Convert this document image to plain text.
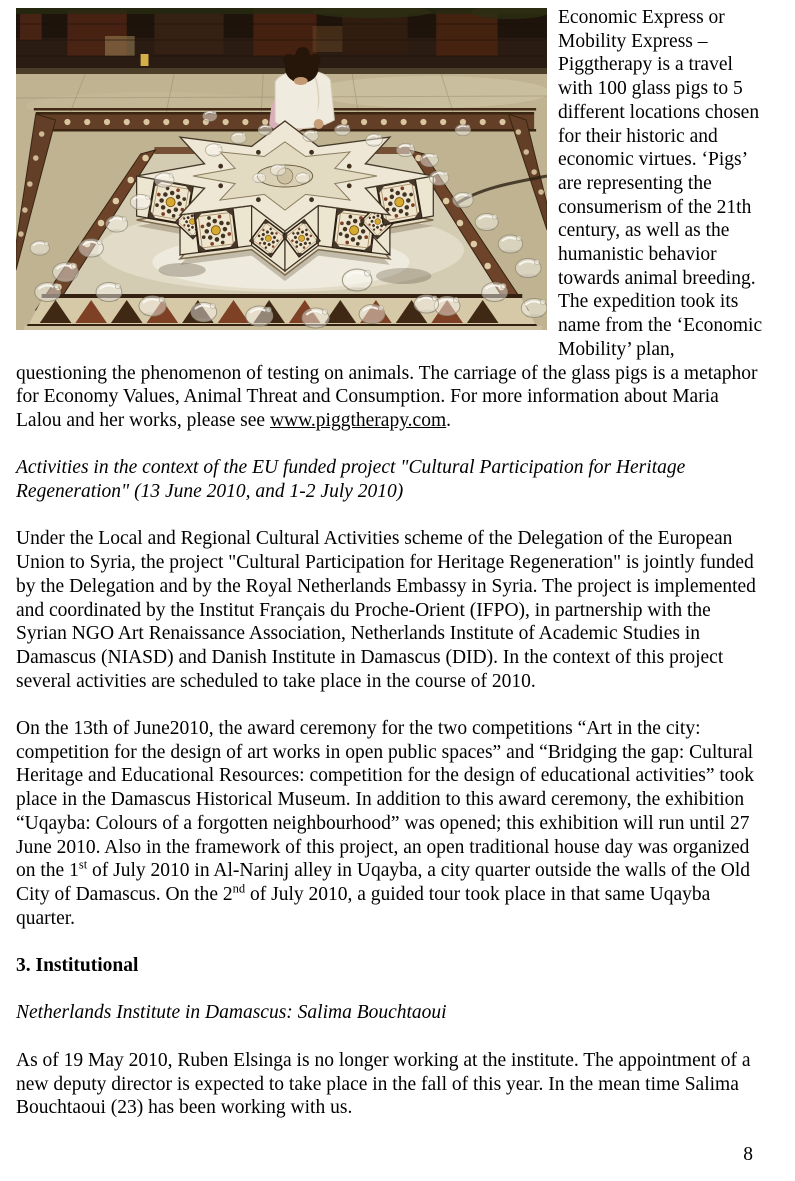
Economic Express or Mobility Express – Piggtherapy is a travel with 100 glass pigs to 5 different locations chosen for their historic and economic virtues. ‘Pigs’ are representing the consumerism of the 21th century, as well as the humanistic behavior towards animal breeding. The expedition took its name from the ‘Economic Mobility’ plan, questioning the phenomenon of testing on animals. The carriage of the glass pigs is a metaphor for Economy Values, Animal Threat and Consumption. For more information about Maria Lalou and her works, please see www.piggtherapy.com.

Activities in the context of the EU funded project "Cultural Participation for Heritage Regeneration" (13 June 2010, and 1-2 July 2010)

Under the Local and Regional Cultural Activities scheme of the Delegation of the European Union to Syria, the project "Cultural Participation for Heritage Regeneration" is jointly funded by the Delegation and by the Royal Netherlands Embassy in Syria. The project is implemented and coordinated by the Institut Français du Proche-Orient (IFPO), in partnership with the Syrian NGO Art Renaissance Association, Netherlands Institute of Academic Studies in Damascus (NIASD) and Danish Institute in Damascus (DID). In the context of this project several activities are scheduled to take place in the course of 2010.

On the 13th of June2010, the award ceremony for the two competitions “Art in the city: competition for the design of art works in open public spaces” and “Bridging the gap: Cultural Heritage and Educational Resources: competition for the design of educational activities” took place in the Damascus Historical Museum. In addition to this award ceremony, the exhibition “Uqayba: Colours of a forgotten neighbourhood” was opened; this exhibition will run until 27 June 2010. Also in the framework of this project, an open traditional house day was organized on the 1st of July 2010 in Al-Narinj alley in Uqayba, a city quarter outside the walls of the Old City of Damascus. On the 2nd of July 2010, a guided tour took place in that same Uqayba quarter.

3. Institutional

Netherlands Institute in Damascus: Salima Bouchtaoui

As of 19 May 2010, Ruben Elsinga is no longer working at the institute. The appointment of a new deputy director is expected to take place in the fall of this year. In the mean time Salima Bouchtaoui (23) has been working with us.

8
